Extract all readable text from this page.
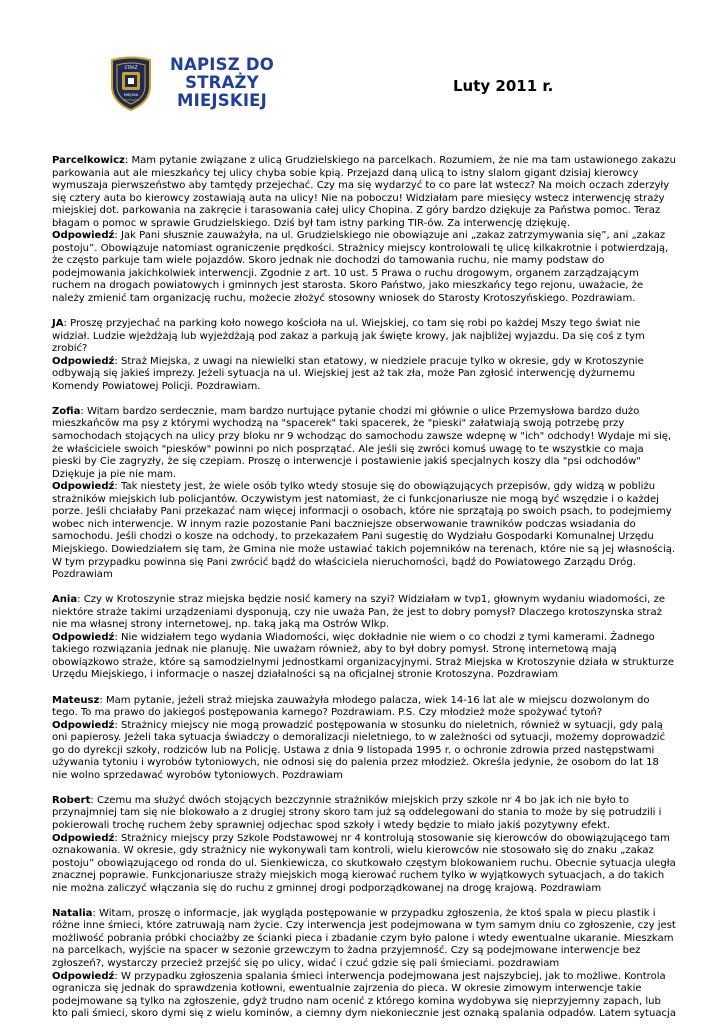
STRAŻ
MIEJSKA
KROTOSZYN
NAPISZ DO
STRAŻY
MIEJSKIEJ
Luty 2011 r.

Parcelkowicz: Mam pytanie związane z ulicą Grudzielskiego na parcelkach. Rozumiem, że nie ma tam ustawionego zakazu parkowania aut ale mieszkańcy tej ulicy chyba sobie kpią. Przejazd daną ulicą to istny slalom gigant dzisiaj kierowcy wymuszaja pierwszeństwo aby tamtędy przejechać. Czy ma się wydarzyć to co pare lat wstecz? Na moich oczach zderzyły się cztery auta bo kierowcy zostawiają auta na ulicy! Nie na poboczu! Widziałam pare miesięcy wstecz interwencję straży miejskiej dot. parkowania na zakręcie i tarasowania całej ulicy Chopina. Z góry bardzo dziękuje za Państwa pomoc. Teraz błagam o pomoc w sprawie Grudzielskiego. Dziś był tam istny parking TIR-ów. Za interwencję dziękuję.

Odpowiedź: Jak Pani słusznie zauważyła, na ul. Grudzielskiego nie obowiązuje ani „zakaz zatrzymywania się”, ani „zakaz postoju”. Obowiązuje natomiast ograniczenie prędkości. Strażnicy miejscy kontrolowali tę ulicę kilkakrotnie i potwierdzają, że często parkuje tam wiele pojazdów. Skoro jednak nie dochodzi do tamowania ruchu, nie mamy podstaw do podejmowania jakichkolwiek interwencji. Zgodnie z art. 10 ust. 5 Prawa o ruchu drogowym, organem zarządzającym ruchem na drogach powiatowych i gminnych jest starosta. Skoro Państwo, jako mieszkańcy tego rejonu, uważacie, że należy zmienić tam organizację ruchu, możecie złożyć stosowny wniosek do Starosty Krotoszyńskiego. Pozdrawiam.

JA: Proszę przyjechać na parking koło nowego kościoła na ul. Wiejskiej, co tam się robi po każdej Mszy tego świat nie widział. Ludzie wjeżdżają lub wyjeżdżają pod zakaz a parkują jak święte krowy, jak najbliżej wyjazdu. Da się coś z tym zrobić?

Odpowiedź: Straż Miejska, z uwagi na niewielki stan etatowy, w niedziele pracuje tylko w okresie, gdy w Krotoszynie odbywają się jakieś imprezy. Jeżeli sytuacja na ul. Wiejskiej jest aż tak zła, może Pan zgłosić interwencję dyżurnemu Komendy Powiatowej Policji. Pozdrawiam.

Zofia: Witam bardzo serdecznie, mam bardzo nurtujące pytanie chodzi mi głównie o ulice Przemysłowa bardzo dużo mieszkańców ma psy z którymi wychodzą na "spacerek" taki spacerek, że "pieski" załatwiają swoją potrzebę przy samochodach stojących na ulicy przy bloku nr 9 wchodząc do samochodu zawsze wdepnę w "ich" odchody! Wydaje mi się, że właściciele swoich "piesków" powinni po nich posprzątać. Ale jeśli się zwróci komuś uwagę to te wszystkie co maja pieski by Cie zagryzły, że się czepiam. Proszę o interwencje i postawienie jakiś specjalnych koszy dla "psi odchodów" Dziękuje ja pie nie mam.

Odpowiedź: Tak niestety jest, że wiele osób tylko wtedy stosuje się do obowiązujących przepisów, gdy widzą w pobliżu strażników miejskich lub policjantów. Oczywistym jest natomiast, że ci funkcjonariusze nie mogą być wszędzie i o każdej porze. Jeśli chciałaby Pani przekazać nam więcej informacji o osobach, które nie sprzątają po swoich psach, to podejmiemy wobec nich interwencje. W innym razie pozostanie Pani baczniejsze obserwowanie trawników podczas wsiadania do samochodu. Jeśli chodzi o kosze na odchody, to przekazałem Pani sugestię do Wydziału Gospodarki Komunalnej Urzędu Miejskiego. Dowiedziałem się tam, że Gmina nie może ustawiać takich pojemników na terenach, które nie są jej własnością. W tym przypadku powinna się Pani zwrócić bądź do właściciela nieruchomości, bądź do Powiatowego Zarządu Dróg. Pozdrawiam

Ania: Czy w Krotoszynie straz miejska będzie nosić kamery na szyi? Widziałam w tvp1, głownym wydaniu wiadomości, ze niektóre straże takimi urządzeniami dysponują, czy nie uważa Pan, że jest to dobry pomysł? Dlaczego krotoszynska straż nie ma własnej strony internetowej, np. taką jaką ma Ostrów Wlkp.

Odpowiedź: Nie widziałem tego wydania Wiadomości, więc dokładnie nie wiem o co chodzi z tymi kamerami. Żadnego takiego rozwiązania jednak nie planuję. Nie uważam również, aby to był dobry pomysł. Stronę internetową mają obowiązkowo straże, które są samodzielnymi jednostkami organizacyjnymi. Straż Miejska w Krotoszynie działa w strukturze Urzędu Miejskiego, i informacje o naszej działalności są na oficjalnej stronie Krotoszyna. Pozdrawiam

Mateusz: Mam pytanie, jeżeli straż miejska zauważyła młodego palacza, wiek 14-16 lat ale w miejscu dozwolonym do tego. To ma prawo do jakiegoś postępowania karnego? Pozdrawiam. P.S. Czy młodzież może spożywać tytoń?

Odpowiedź: Strażnicy miejscy nie mogą prowadzić postępowania w stosunku do nieletnich, również w sytuacji, gdy palą oni papierosy. Jeżeli taka sytuacja świadczy o demoralizacji nieletniego, to w zależności od sytuacji, możemy doprowadzić go do dyrekcji szkoły, rodziców lub na Policję. Ustawa z dnia 9 listopada 1995 r. o ochronie zdrowia przed następstwami używania tytoniu i wyrobów tytoniowych, nie odnosi się do palenia przez młodzież. Określa jedynie, że osobom do lat 18 nie wolno sprzedawać wyrobów tytoniowych. Pozdrawiam

Robert: Czemu ma służyć dwóch stojących bezczynnie strażników miejskich przy szkole nr 4 bo jak ich nie było to przynajmniej tam się nie blokowało a z drugiej strony skoro tam już są oddelegowani do stania to może by się potrudzili i pokierowali trochę ruchem żeby sprawniej odjechac spod szkoły i wtedy będzie to miało jakiś pozytywny efekt.

Odpowiedź: Strażnicy miejscy przy Szkole Podstawowej nr 4 kontrolują stosowanie się kierowców do obowiązującego tam oznakowania. W okresie, gdy strażnicy nie wykonywali tam kontroli, wielu kierowców nie stosowało się do znaku „zakaz postoju” obowiązującego od ronda do ul. Sienkiewicza, co skutkowało częstym blokowaniem ruchu. Obecnie sytuacja uległa znacznej poprawie. Funkcjonariusze straży miejskich mogą kierować ruchem tylko w wyjątkowych sytuacjach, a do takich nie można zaliczyć włączania się do ruchu z gminnej drogi podporządkowanej na drogę krajową. Pozdrawiam

Natalia: Witam, proszę o informacje, jak wygląda postępowanie w przypadku zgłoszenia, że ktoś spala w piecu plastik i różne inne śmieci, które zatruwają nam życie. Czy interwencja jest podejmowana w tym samym dniu co zgłoszenie, czy jest możliwość pobrania próbki chociażby ze ścianki pieca i zbadanie czym było palone i wtedy ewentualne ukaranie. Mieszkam na parcelkach, wyjście na spacer w sezonie grzewczym to żadna przyjemność. Czy są podejmowane interwencje bez zgłoszeń?, wystarczy przecież przejść się po ulicy, widać i czuć gdzie się pali śmieciami. pozdrawiam

Odpowiedź: W przypadku zgłoszenia spalania śmieci interwencja podejmowana jest najszybciej, jak to możliwe. Kontrola ogranicza się jednak do sprawdzenia kotłowni, ewentualnie zajrzenia do pieca. W okresie zimowym interwencje takie podejmowane są tylko na zgłoszenie, gdyż trudno nam ocenić z którego komina wydobywa się nieprzyjemny zapach, lub kto pali śmieci, skoro dymi się z wielu kominów, a ciemny dym niekoniecznie jest oznaką spalania odpadów. Latem sytuacja
